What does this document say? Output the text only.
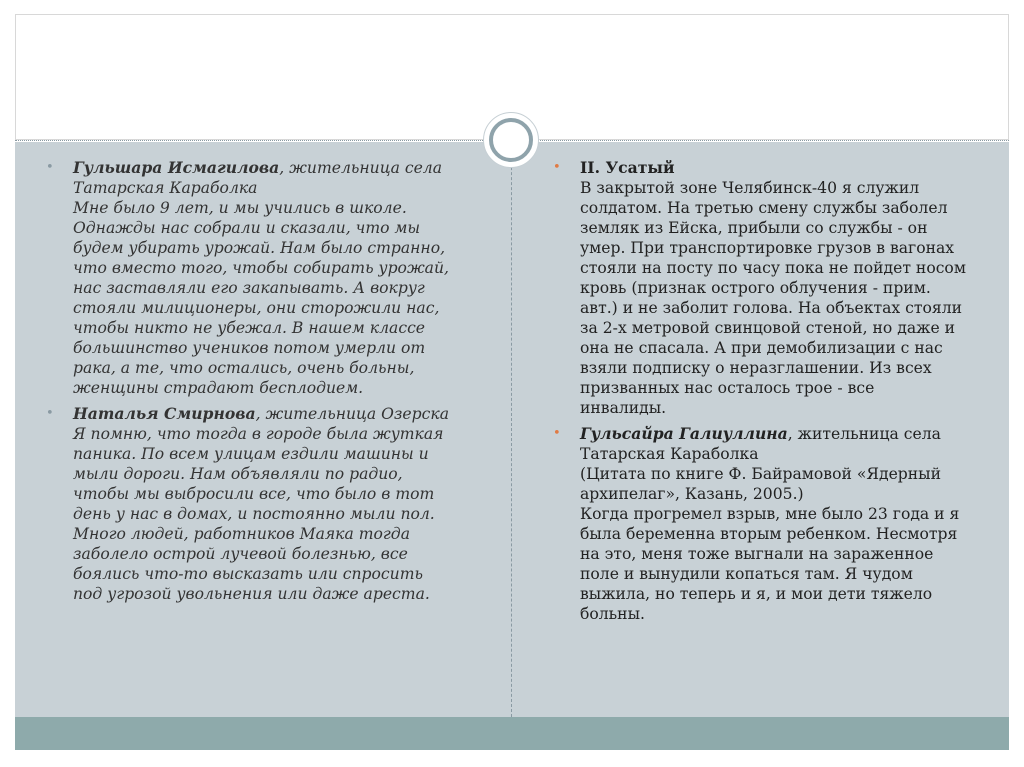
• Гульшара Исмагилова, жительница села
Татарская Караболка
Мне было 9 лет, и мы учились в школе.
Однажды нас собрали и сказали, что мы
будем убирать урожай. Нам было странно,
что вместо того, чтобы собирать урожай,
нас заставляли его закапывать. А вокруг
стояли милиционеры, они сторожили нас,
чтобы никто не убежал. В нашем классе
большинство учеников потом умерли от
рака, а те, что остались, очень больны,
женщины страдают бесплодием.
• Наталья Смирнова, жительница Озерска
Я помню, что тогда в городе была жуткая
паника. По всем улицам ездили машины и
мыли дороги. Нам объявляли по радио,
чтобы мы выбросили все, что было в тот
день у нас в домах, и постоянно мыли пол.
Много людей, работников Маяка тогда
заболело острой лучевой болезнью, все
боялись что-то высказать или спросить
под угрозой увольнения или даже ареста.
• II. Усатый
В закрытой зоне Челябинск-40 я служил
солдатом. На третью смену службы заболел
земляк из Ейска, прибыли со службы - он
умер. При транспортировке грузов в вагонах
стояли на посту по часу пока не пойдет носом
кровь (признак острого облучения - прим.
авт.) и не заболит голова. На объектах стояли
за 2-х метровой свинцовой стеной, но даже и
она не спасала. А при демобилизации с нас
взяли подписку о неразглашении. Из всех
призванных нас осталось трое - все
инвалиды.
• Гульсайра Галиуллина, жительница села
Татарская Караболка
(Цитата по книге Ф. Байрамовой «Ядерный
архипелаг», Казань, 2005.)
Когда прогремел взрыв, мне было 23 года и я
была беременна вторым ребенком. Несмотря
на это, меня тоже выгнали на зараженное
поле и вынудили копаться там. Я чудом
выжила, но теперь и я, и мои дети тяжело
больны.
